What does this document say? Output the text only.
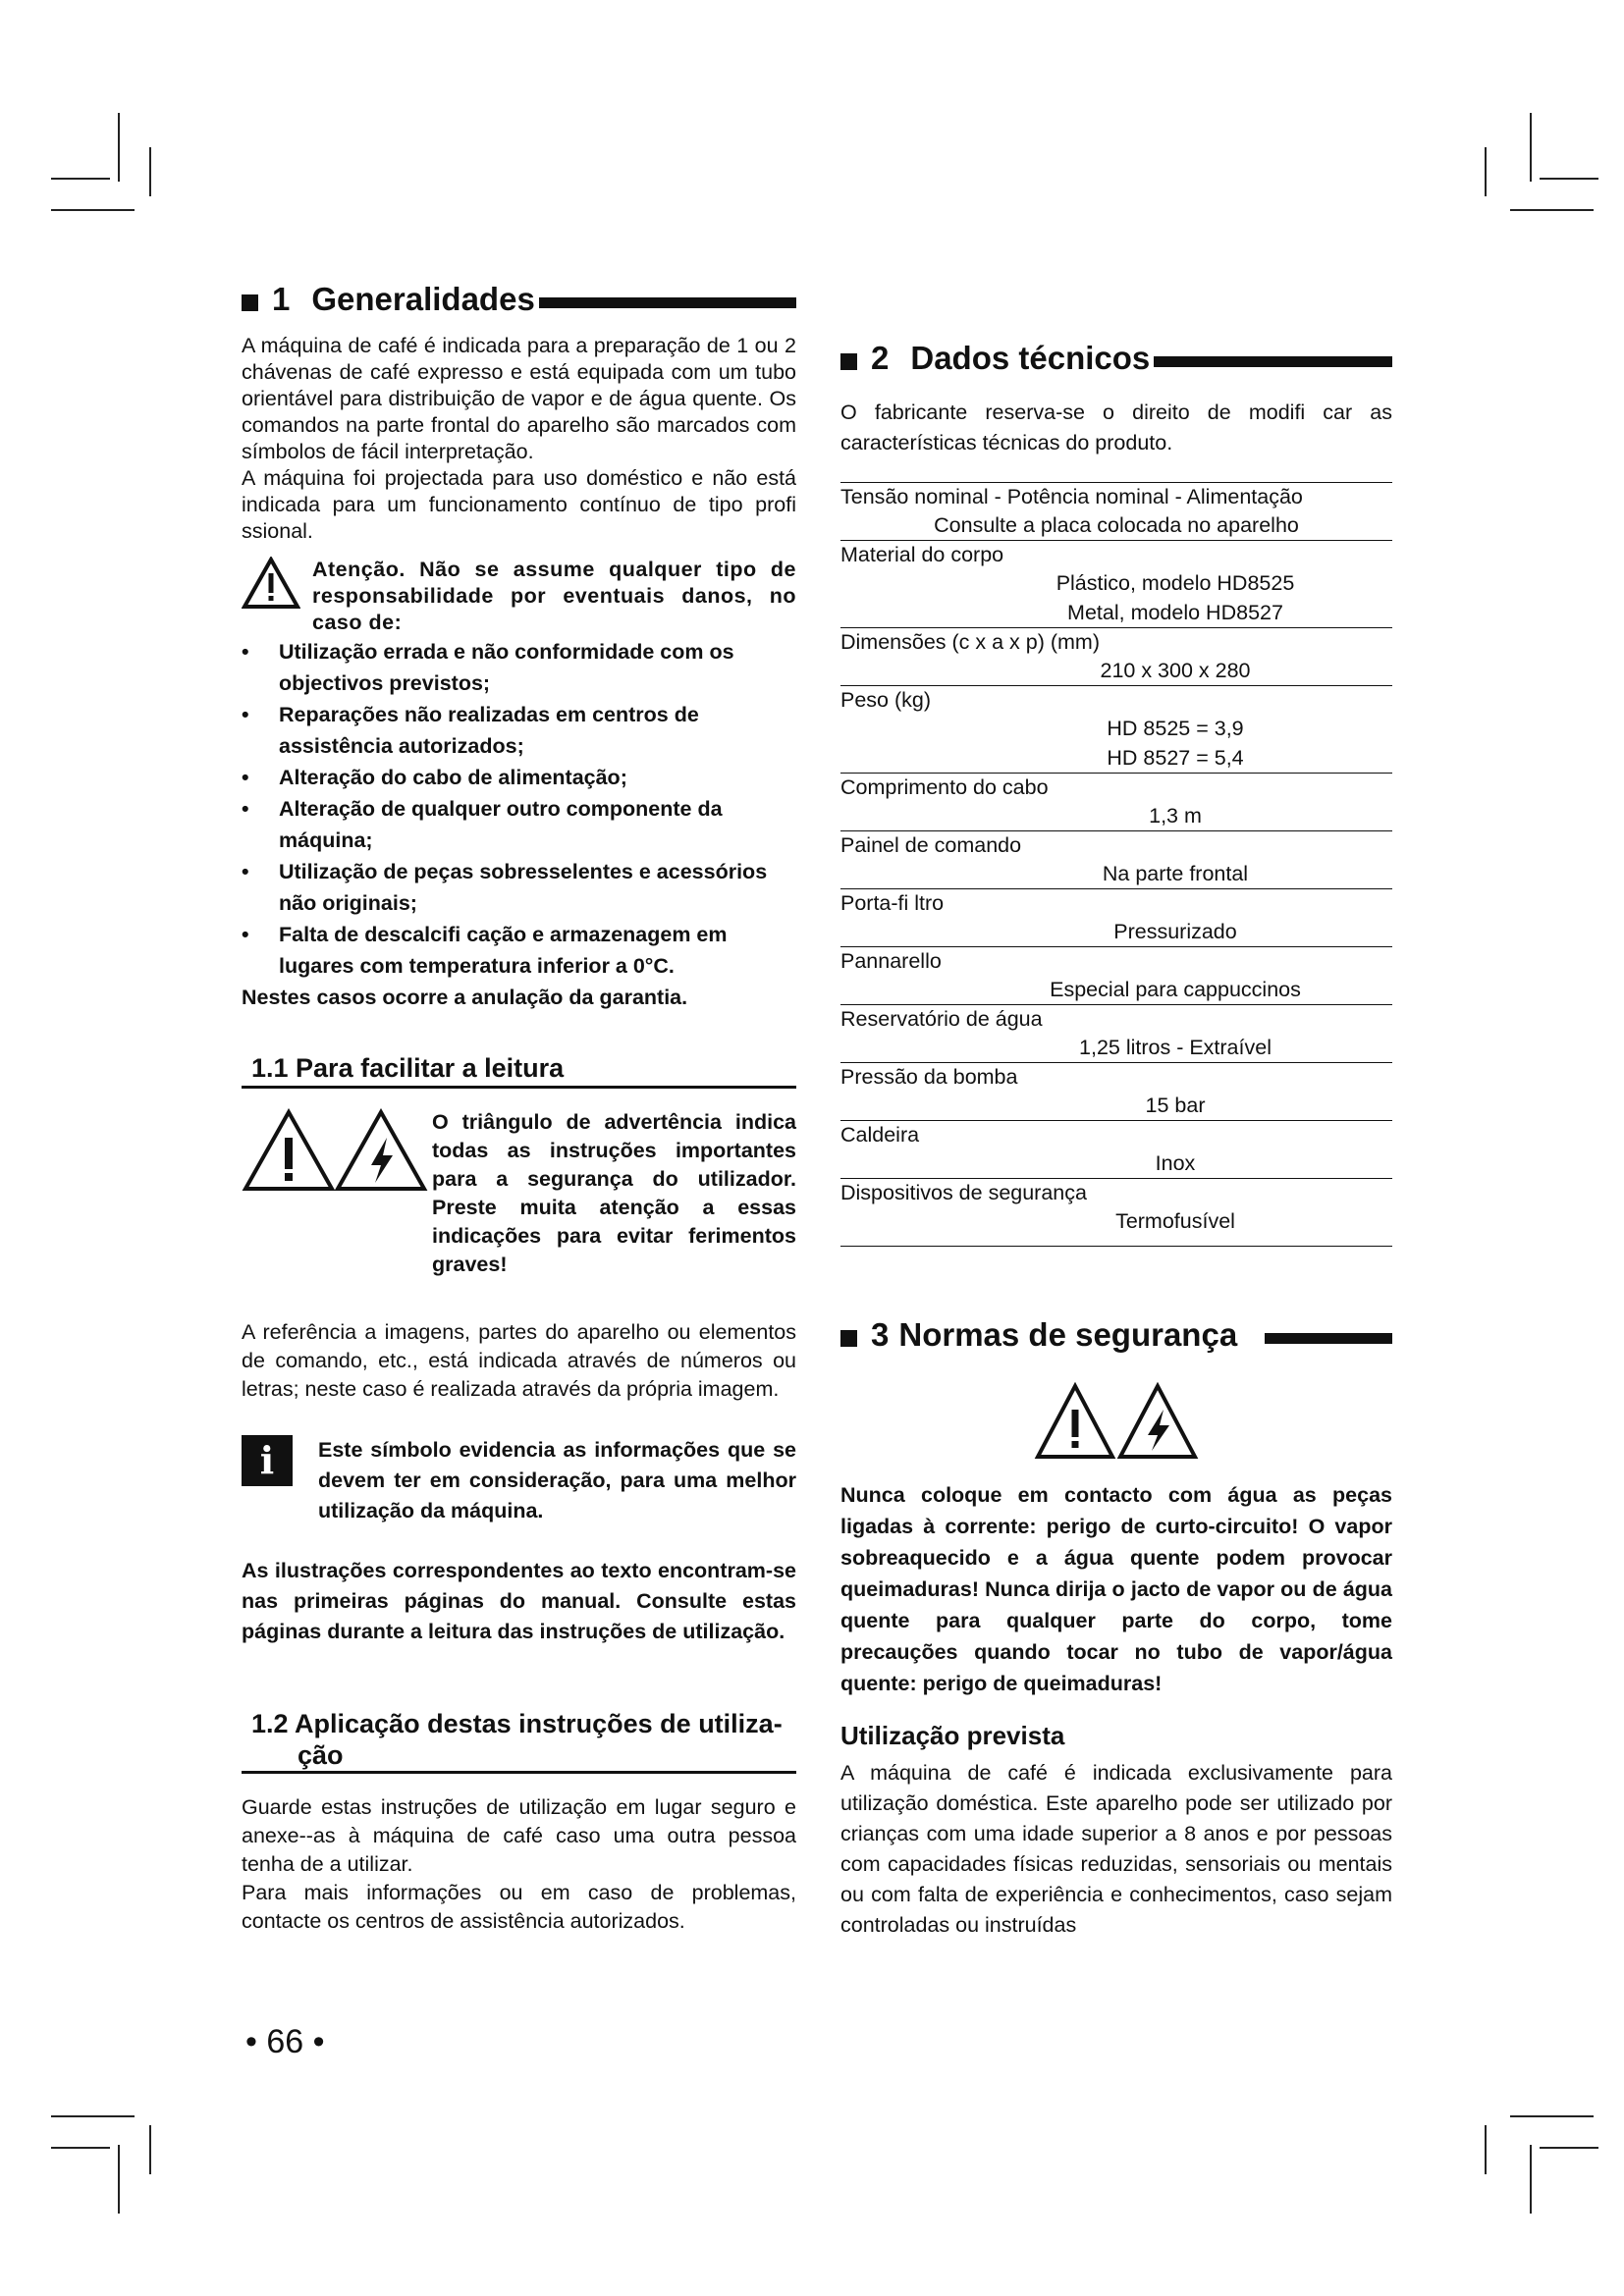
1 Generalidades

A máquina de café é indicada para a preparação de 1 ou 2 chávenas de café expresso e está equipada com um tubo orientável para distribuição de vapor e de água quente. Os comandos na parte frontal do aparelho são marcados com símbolos de fácil interpretação.

A máquina foi projectada para uso doméstico e não está indicada para um funcionamento contínuo de tipo profi ssional.

Atenção. Não se assume qualquer tipo de responsabilidade por eventuais danos, no caso de:

• Utilização errada e não conformidade com os objectivos previstos;
• Reparações não realizadas em centros de assistência autorizados;
• Alteração do cabo de alimentação;
• Alteração de qualquer outro componente da máquina;
• Utilização de peças sobresselentes e acessórios não originais;
• Falta de descalcifi cação e armazenagem em lugares com temperatura inferior a 0°C.

Nestes casos ocorre a anulação da garantia.

1.1 Para facilitar a leitura

O triângulo de advertência indica todas as instruções importantes para a segurança do utilizador. Preste muita atenção a essas indicações para evitar ferimentos graves!

A referência a imagens, partes do aparelho ou elementos de comando, etc., está indicada através de números ou letras; neste caso é realizada através da própria imagem.

i	Este símbolo evidencia as informações que se devem ter em consideração, para uma melhor utilização da máquina.

As ilustrações correspondentes ao texto encontram-se nas primeiras páginas do manual. Consulte estas páginas durante a leitura das instruções de utilização.

1.2 Aplicação destas instruções de utiliza-
ção

Guarde estas instruções de utilização em lugar seguro e anexe--as à máquina de café caso uma outra pessoa tenha de a utilizar.

Para mais informações ou em caso de problemas, contacte os centros de assistência autorizados.

2 Dados técnicos

O fabricante reserva-se o direito de modifi car as características técnicas do produto.

Tensão nominal - Potência nominal - Alimentação
Consulte a placa colocada no aparelho
Material do corpo
Plástico, modelo HD8525
Metal, modelo HD8527
Dimensões (c x a x p) (mm)
210 x 300 x 280
Peso (kg)
HD 8525 = 3,9
HD 8527 = 5,4
Comprimento do cabo
1,3 m
Painel de comando
Na parte frontal
Porta-fi ltro
Pressurizado
Pannarello
Especial para cappuccinos
Reservatório de água
1,25 litros - Extraível
Pressão da bomba
15 bar
Caldeira
Inox
Dispositivos de segurança
Termofusível
3 Normas de segurança

Nunca coloque em contacto com água as peças ligadas à corrente: perigo de curto-circuito! O vapor sobreaquecido e a água quente podem provocar queimaduras! Nunca dirija o jacto de vapor ou de água quente para qualquer parte do corpo, tome precauções quando tocar no tubo de vapor/água quente: perigo de queimaduras!

Utilização prevista

A máquina de café é indicada exclusivamente para utilização doméstica. Este aparelho pode ser utilizado por crianças com uma idade superior a 8 anos e por pessoas com capacidades físicas reduzidas, sensoriais ou mentais ou com falta de experiência e conhecimentos, caso sejam controladas ou instruídas

• 66 •
